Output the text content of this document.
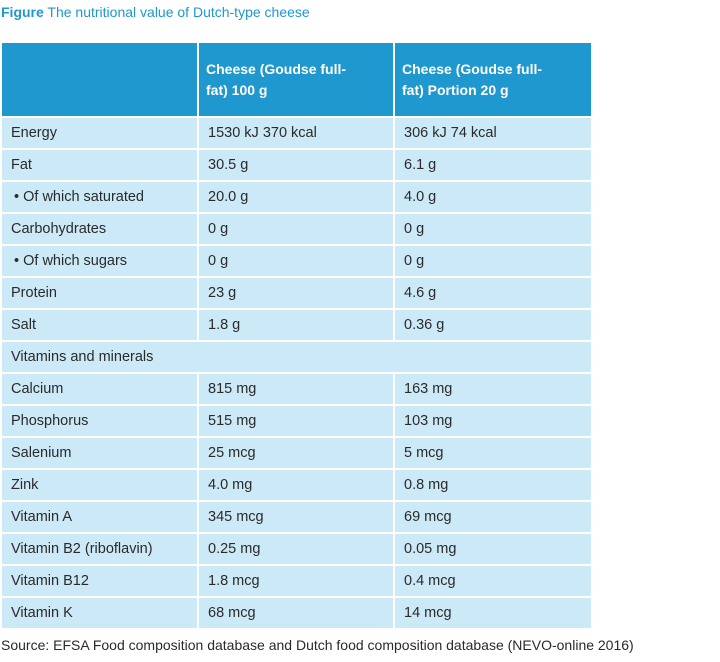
Figure The nutritional value of Dutch-type cheese
	Cheese (Goudse full-fat) 100 g	Cheese (Goudse full-fat) Portion 20 g
Energy	1530 kJ 370 kcal	306 kJ 74 kcal
Fat	30.5 g	6.1 g
• Of which saturated	20.0 g	4.0 g
Carbohydrates	0 g	0 g
• Of which sugars	0 g	0 g
Protein	23 g	4.6 g
Salt	1.8 g	0.36 g
Vitamins and minerals		
Calcium	815 mg	163 mg
Phosphorus	515 mg	103 mg
Salenium	25 mcg	5 mcg
Zink	4.0 mg	0.8 mg
Vitamin A	345 mcg	69 mcg
Vitamin B2 (riboflavin)	0.25 mg	0.05 mg
Vitamin B12	1.8 mcg	0.4 mcg
Vitamin K	68 mcg	14 mcg
Source: EFSA Food composition database and Dutch food composition database (NEVO-online 2016)
